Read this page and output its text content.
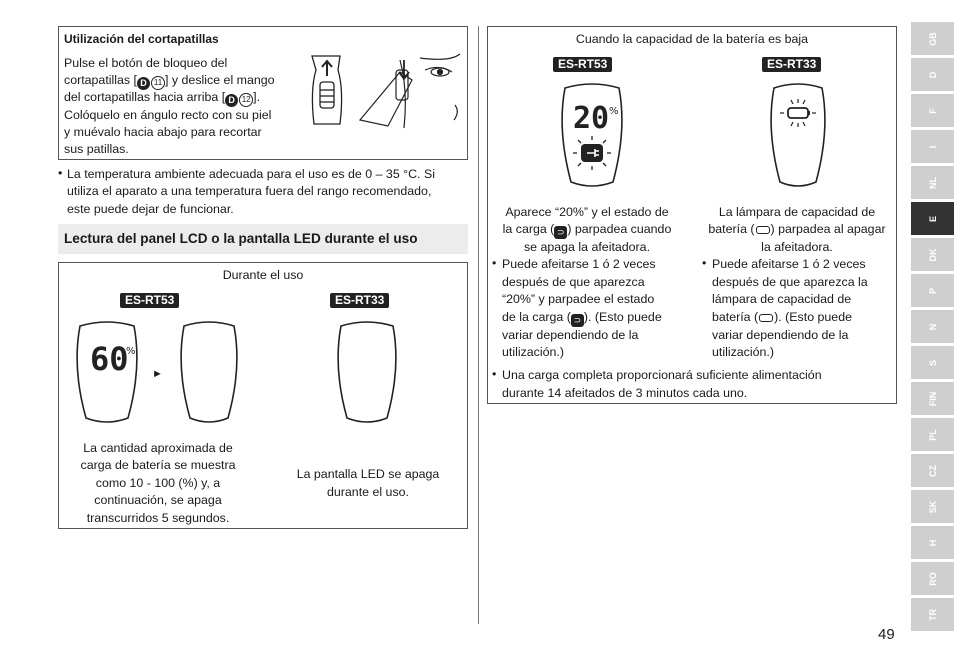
Utilización del cortapatillas
Pulse el botón de bloqueo del
cortapatillas [ D 11 ] y deslice el mango
del cortapatillas hacia arriba [ D 12 ].
Colóquelo en ángulo recto con su piel
y muévalo hacia abajo para recortar
sus patillas.
• La temperatura ambiente adecuada para el uso es de 0 – 35 °C. Si
utiliza el aparato a una temperatura fuera del rango recomendado,
este puede dejar de funcionar.
Lectura del panel LCD o la pantalla LED durante el uso
Durante el uso
ES-RT53	ES-RT33
60
%
►
La cantidad aproximada de
carga de batería se muestra
como 10 - 100 (%) y, a
continuación, se apaga
transcurridos 5 segundos.
La pantalla LED se apaga
durante el uso.
Cuando la capacidad de la batería es baja
ES-RT53	ES-RT33
20 %
Aparece “20%” y el estado de
la carga ( ⊃ ) parpadea cuando
se apaga la afeitadora.
• Puede afeitarse 1 ó 2 veces
después de que aparezca
“20%” y parpadee el estado
de la carga ( ⊃ ). (Esto puede
variar dependiendo de la
utilización.)
La lámpara de capacidad de
batería ( ) parpadea al apagar
la afeitadora.
• Puede afeitarse 1 ó 2 veces
después de que aparezca la
lámpara de capacidad de
batería ( ). (Esto puede
variar dependiendo de la
utilización.)
• Una carga completa proporcionará suficiente alimentación
durante 14 afeitados de 3 minutos cada uno.
GB
D
F
I
NL
E
DK
P
N
S
FIN
PL
CZ
SK
H
RO
TR
49
